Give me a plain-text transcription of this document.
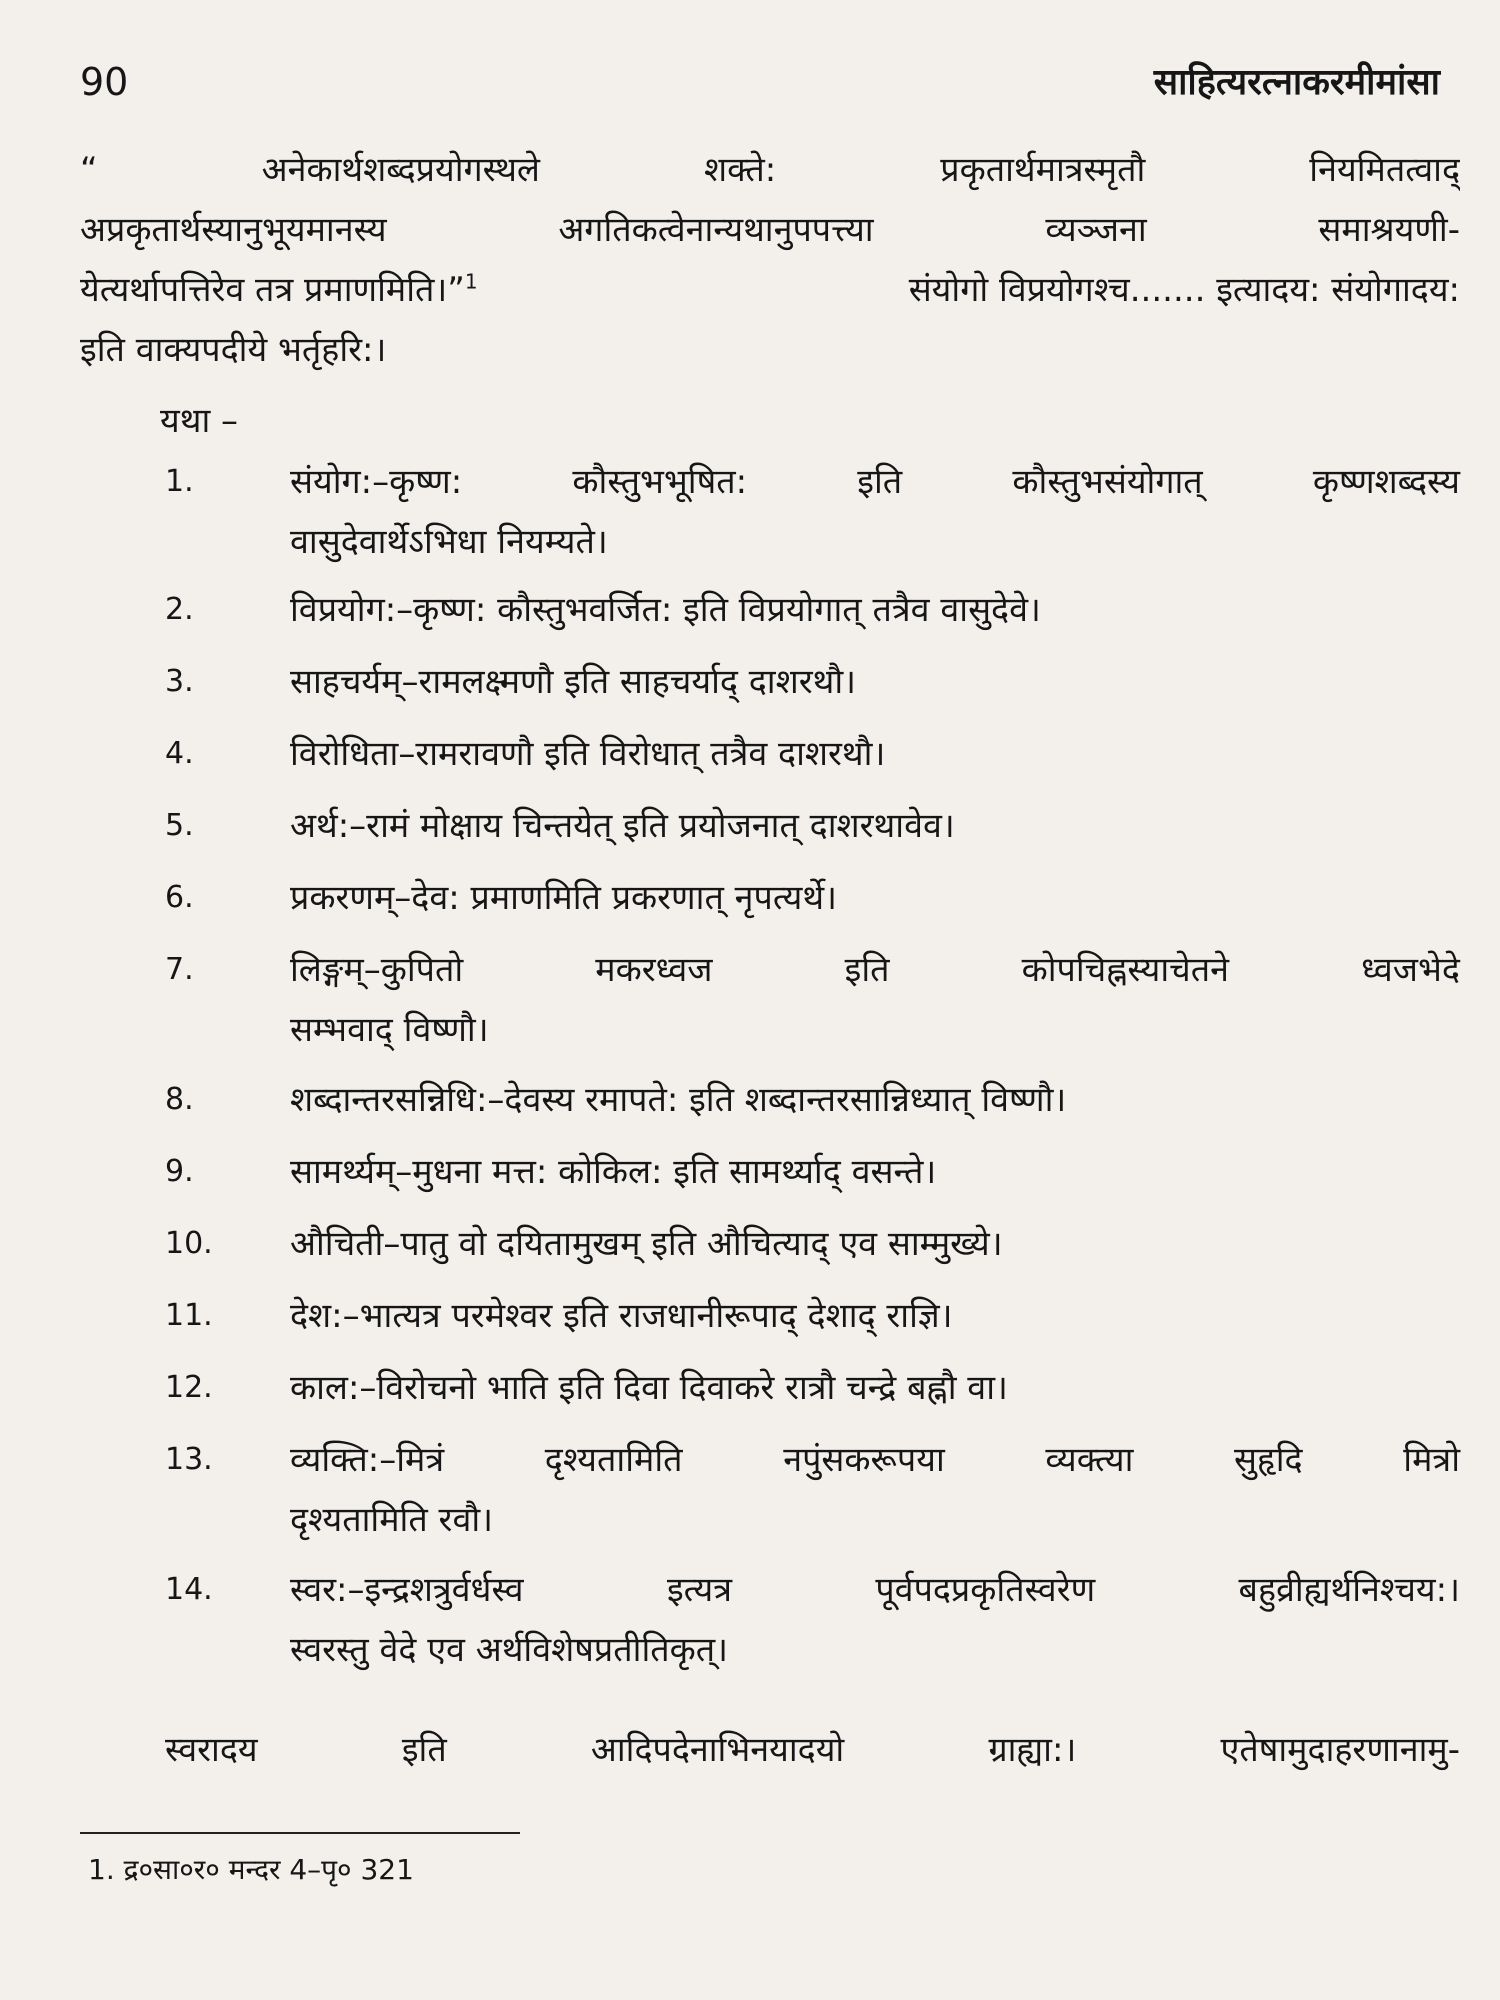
90	साहित्यरत्नाकरमीमांसा
“ अनेकार्थशब्दप्रयोगस्थले शक्ते: प्रकृतार्थमात्रस्मृतौ नियमितत्वाद्
अप्रकृतार्थस्यानुभूयमानस्य अगतिकत्वेनान्यथानुपपत्त्या व्यञ्जना समाश्रयणी-
येत्यर्थापत्तिरेव तत्र प्रमाणमिति।”$^1$	संयोगो विप्रयोगश्च....... इत्यादय: संयोगादय:
इति वाक्यपदीये भर्तृहरि:।
यथा –
1.	संयोग:–कृष्ण: कौस्तुभभूषित: इति कौस्तुभसंयोगात् कृष्णशब्दस्य
वासुदेवार्थेऽभिधा नियम्यते।
2.	विप्रयोग:–कृष्ण: कौस्तुभवर्जित: इति विप्रयोगात् तत्रैव वासुदेवे।
3.	साहचर्यम्–रामलक्ष्मणौ इति साहचर्याद् दाशरथौ।
4.	विरोधिता–रामरावणौ इति विरोधात् तत्रैव दाशरथौ।
5.	अर्थ:–रामं मोक्षाय चिन्तयेत् इति प्रयोजनात् दाशरथावेव।
6.	प्रकरणम्–देव: प्रमाणमिति प्रकरणात् नृपत्यर्थे।
7.	लिङ्गम्–कुपितो मकरध्वज इति कोपचिह्नस्याचेतने ध्वजभेदे
सम्भवाद् विष्णौ।
8.	शब्दान्तरसन्निधि:–देवस्य रमापते: इति शब्दान्तरसान्निध्यात् विष्णौ।
9.	सामर्थ्यम्–मुधना मत्त: कोकिल: इति सामर्थ्याद् वसन्ते।
10.	औचिती–पातु वो दयितामुखम् इति औचित्याद् एव साम्मुख्ये।
11.	देश:–भात्यत्र परमेश्वर इति राजधानीरूपाद् देशाद् राज्ञि।
12.	काल:–विरोचनो भाति इति दिवा दिवाकरे रात्रौ चन्द्रे बह्नौ वा।
13.	व्यक्ति:–मित्रं दृश्यतामिति नपुंसकरूपया व्यक्त्या सुहृदि मित्रो
दृश्यतामिति रवौ।
14.	स्वर:–इन्द्रशत्रुर्वर्धस्व इत्यत्र पूर्वपदप्रकृतिस्वरेण बहुव्रीह्यर्थनिश्चय:।
स्वरस्तु वेदे एव अर्थविशेषप्रतीतिकृत्।
स्वरादय इति आदिपदेनाभिनयादयो ग्राह्या:। एतेषामुदाहरणानामु-
1. द्र०सा०र० मन्दर 4–पृ० 321
